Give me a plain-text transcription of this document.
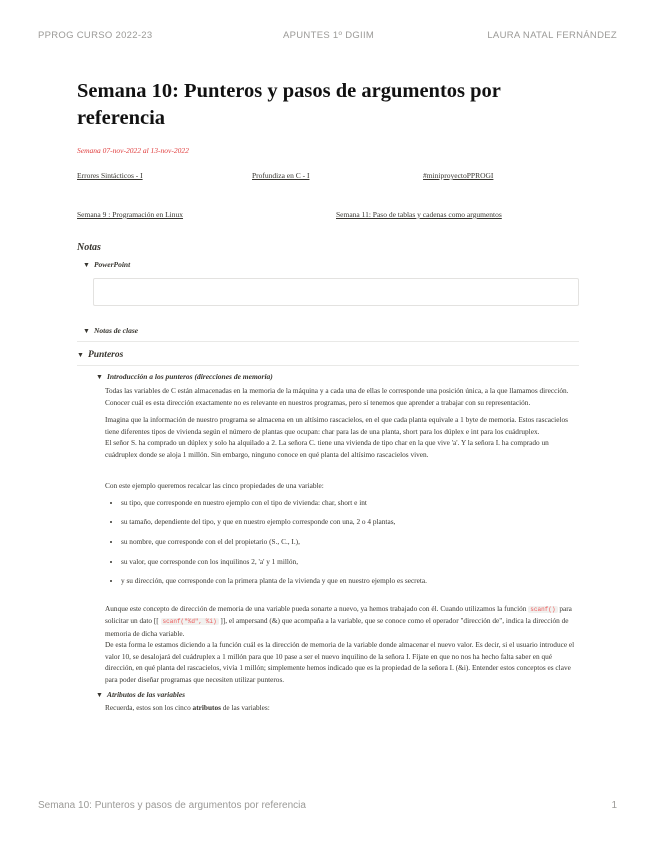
PPROG CURSO 2022-23	APUNTES 1º DGIIM	LAURA NATAL FERNÁNDEZ
Semana 10: Punteros y pasos de argumentos por referencia
Semana 07-nov-2022 al 13-nov-2022
Errores Sintácticos - I	Profundiza en C - I	#miniproyectoPPROGI
Semana 9 : Programación en Linux	Semana 11: Paso de tablas y cadenas como argumentos
Notas
▼ PowerPoint
▼ Notas de clase
▼ Punteros
▼ Introducción a los punteros (direcciones de memoria)

Todas las variables de C están almacenadas en la memoria de la máquina y a cada una de ellas le corresponde una posición única, a la que llamamos dirección. Conocer cuál es esta dirección exactamente no es relevante en nuestros programas, pero sí tenemos que aprender a trabajar con su representación.

Imagina que la información de nuestro programa se almacena en un altísimo rascacielos, en el que cada planta equivale a 1 byte de memoria. Estos rascacielos tiene diferentes tipos de vivienda según el número de plantas que ocupan: char para las de una planta, short para los dúplex e int para los cuádruplex.

El señor S. ha comprado un dúplex y solo ha alquilado a 2. La señora C. tiene una vivienda de tipo char en la que vive 'a'. Y la señora I. ha comprado un cuádruplex donde se aloja 1 millón. Sin embargo, ninguno conoce en qué planta del altísimo rascacielos viven.

Con este ejemplo queremos recalcar las cinco propiedades de una variable:

• su tipo, que corresponde en nuestro ejemplo con el tipo de vivienda: char, short e int
• su tamaño, dependiente del tipo, y que en nuestro ejemplo corresponde con una, 2 o 4 plantas,
• su nombre, que corresponde con el del propietario (S., C., I.),
• su valor, que corresponde con los inquilinos 2, 'a' y 1 millón,
• y su dirección, que corresponde con la primera planta de la vivienda y que en nuestro ejemplo es secreta.

Aunque este concepto de dirección de memoria de una variable pueda sonarte a nuevo, ya hemos trabajado con él. Cuando utilizamos la función scanf() para solicitar un dato [[ scanf("%d", %i) ]], el ampersand (&) que acompaña a la variable, que se conoce como el operador "dirección de", indica la dirección de memoria de dicha variable.

De esta forma le estamos diciendo a la función cuál es la dirección de memoria de la variable donde almacenar el nuevo valor. Es decir, si el usuario introduce el valor 10, se desalojará del cuádruplex a 1 millón para que 10 pase a ser el nuevo inquilino de la señora I. Fíjate en que no nos ha hecho falta saber en qué dirección, en qué planta del rascacielos, vivía 1 millón; simplemente hemos indicado que es la propiedad de la señora I. (&i). Entender estos conceptos es clave para poder diseñar programas que necesiten utilizar punteros.

▼ Atributos de las variables

Recuerda, estos son los cinco atributos de las variables:

Semana 10: Punteros y pasos de argumentos por referencia	1
